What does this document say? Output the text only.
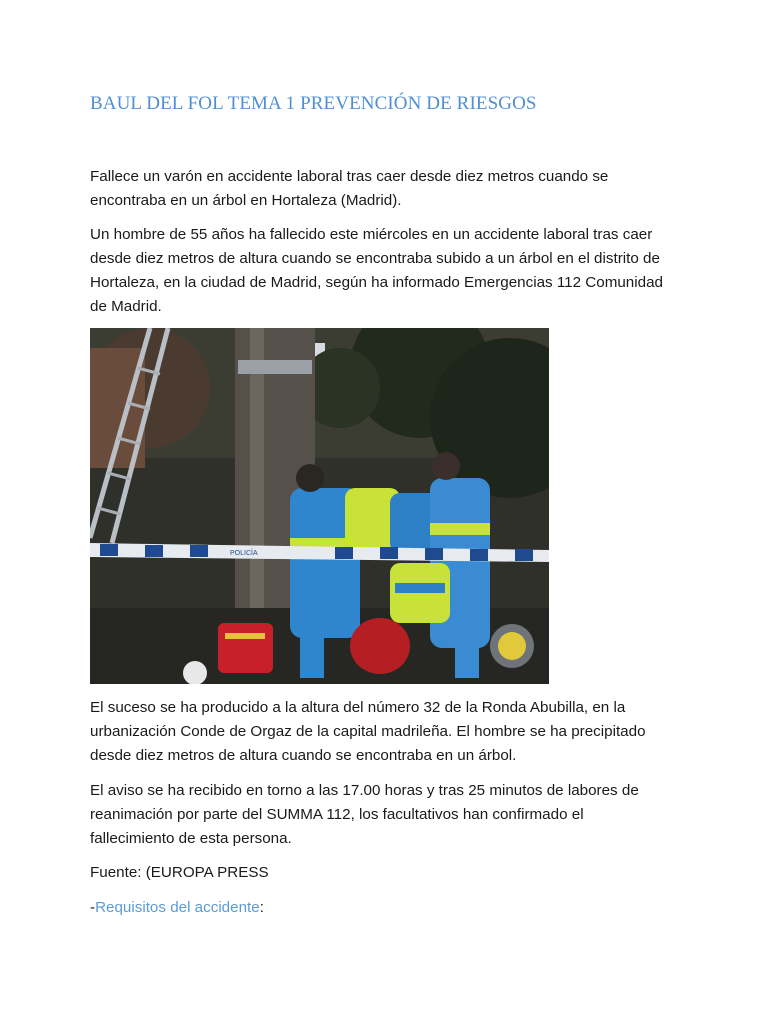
BAUL DEL FOL TEMA 1 PREVENCIÓN DE RIESGOS

Fallece un varón en accidente laboral tras caer desde diez metros cuando se encontraba en un árbol en Hortaleza (Madrid).

Un hombre de 55 años ha fallecido este miércoles en un accidente laboral tras caer desde diez metros de altura cuando se encontraba subido a un árbol en el distrito de Hortaleza, en la ciudad de Madrid, según ha informado Emergencias 112 Comunidad de Madrid.

POLICÍA

El suceso se ha producido a la altura del número 32 de la Ronda Abubilla, en la urbanización Conde de Orgaz de la capital madrileña. El hombre se ha precipitado desde diez metros de altura cuando se encontraba en un árbol.

El aviso se ha recibido en torno a las 17.00 horas y tras 25 minutos de labores de reanimación por parte del SUMMA 112, los facultativos han confirmado el fallecimiento de esta persona.

Fuente: (EUROPA PRESS

-Requisitos del accidente:
